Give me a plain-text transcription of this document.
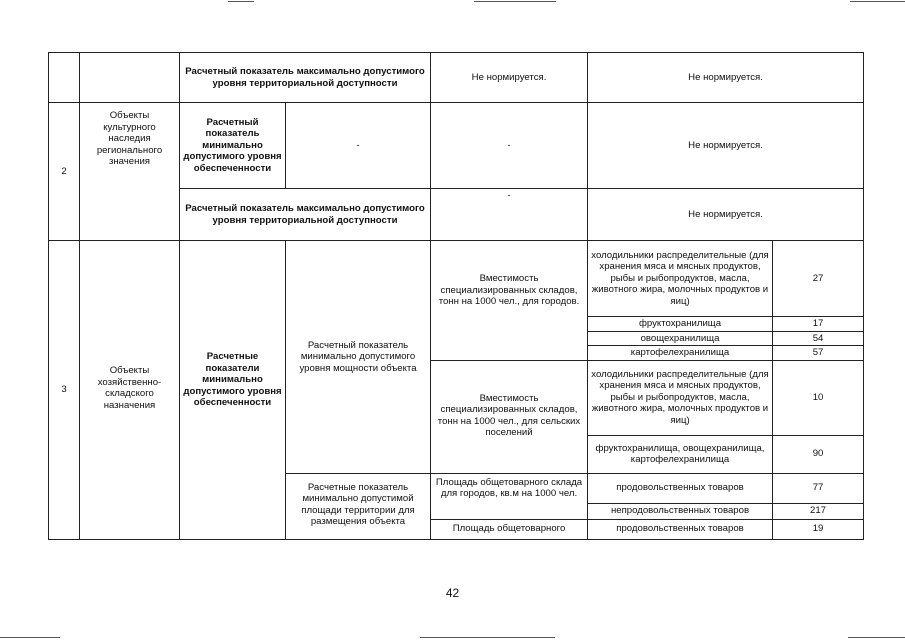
		Расчетный показатель максимально допустимого уровня территориальной доступности		Не нормируется.	Не нормируется.	
2	Объекты культурного наследия регионального значения	Расчетный показатель минимально допустимого уровня обеспеченности	-	-	Не нормируется.	
		Расчетный показатель максимально допустимого уровня территориальной доступности		-	Не нормируется.	
3	Объекты хозяйственно-складского назначения	Расчетные показатели минимально допустимого уровня обеспеченности	Расчетный показатель минимально допустимого уровня мощности объекта	Вместимость специализированных складов, тонн на 1000 чел., для городов.	холодильники распределительные (для хранения мяса и мясных продуктов, рыбы и рыбопродуктов, масла, животного жира, молочных продуктов и яиц)	27
					фруктохранилища	17
					овощехранилища	54
					картофелехранилища	57
				Вместимость специализированных складов, тонн на 1000 чел., для сельских поселений	холодильники распределительные (для хранения мяса и мясных продуктов, рыбы и рыбопродуктов, масла, животного жира, молочных продуктов и яиц)	10
					фруктохранилища, овощехранилища, картофелехранилища	90

			Расчетные показатель минимально допустимой площади территории для размещения объекта	Площадь общетоварного склада для городов, кв.м на 1000 чел.	продовольственных товаров	77
					непродовольственных товаров	217
				Площадь общетоварного	продовольственных товаров	19
42
